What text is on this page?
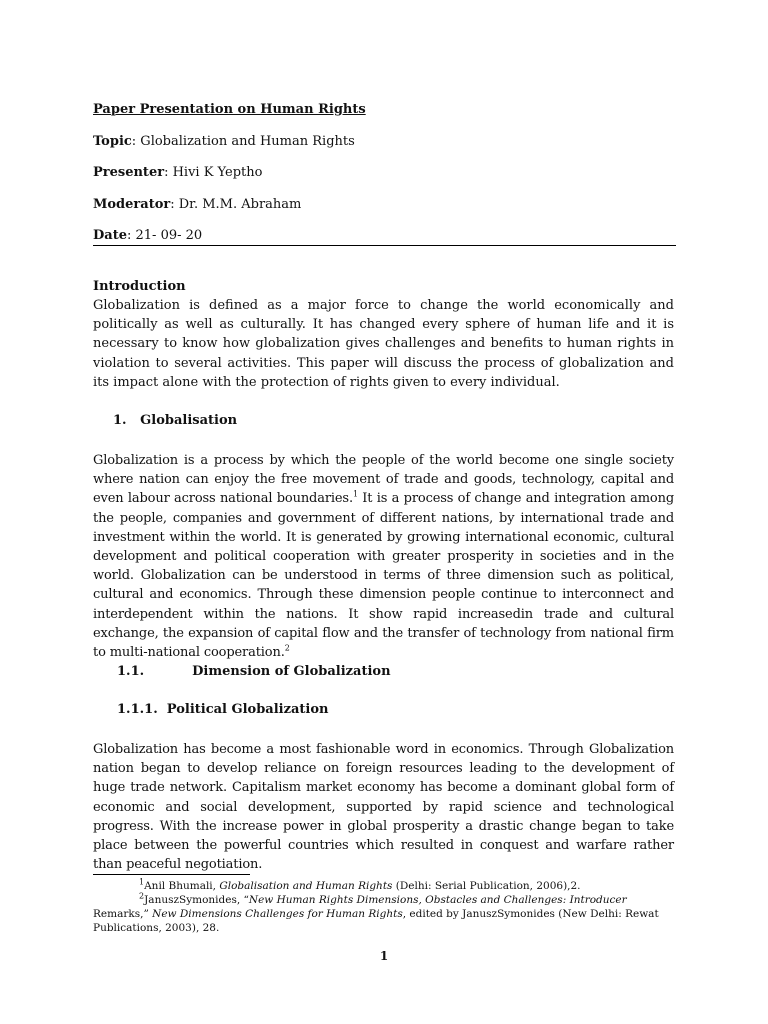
Paper Presentation on Human Rights
Topic: Globalization and Human Rights
Presenter: Hivi K Yeptho
Moderator: Dr. M.M. Abraham
Date: 21- 09- 20
Introduction
Globalization is defined as a major force to change the world economically and politically as well as culturally. It has changed every sphere of human life and it is necessary to know how globalization gives challenges and benefits to human rights in violation to several activities. This paper will discuss the process of globalization and its impact alone with the protection of rights given to every individual.
1. Globalisation
Globalization is a process by which the people of the world become one single society where nation can enjoy the free movement of trade and goods, technology, capital and even labour across national boundaries.$^1$ It is a process of change and integration among the people, companies and government of different nations, by international trade and investment within the world. It is generated by growing international economic, cultural development and political cooperation with greater prosperity in societies and in the world. Globalization can be understood in terms of three dimension such as political, cultural and economics. Through these dimension people continue to interconnect and interdependent within the nations. It show rapid increasedin trade and cultural exchange, the expansion of capital flow and the transfer of technology from national firm to multi-national cooperation.$^2$
1.1.	Dimension of Globalization
1.1.1. Political Globalization
Globalization has become a most fashionable word in economics. Through Globalization nation began to develop reliance on foreign resources leading to the development of huge trade network. Capitalism market economy has become a dominant global form of economic and social development, supported by rapid science and technological progress. With the increase power in global prosperity a drastic change began to take place between the powerful countries which resulted in conquest and warfare rather than peaceful negotiation.
$^1$Anil Bhumali, Globalisation and Human Rights (Delhi: Serial Publication, 2006),2.
$^2$JanuszSymonides, “New Human Rights Dimensions, Obstacles and Challenges: Introducer Remarks,” New Dimensions Challenges for Human Rights, edited by JanuszSymonides (New Delhi: Rewat Publications, 2003), 28.
1
